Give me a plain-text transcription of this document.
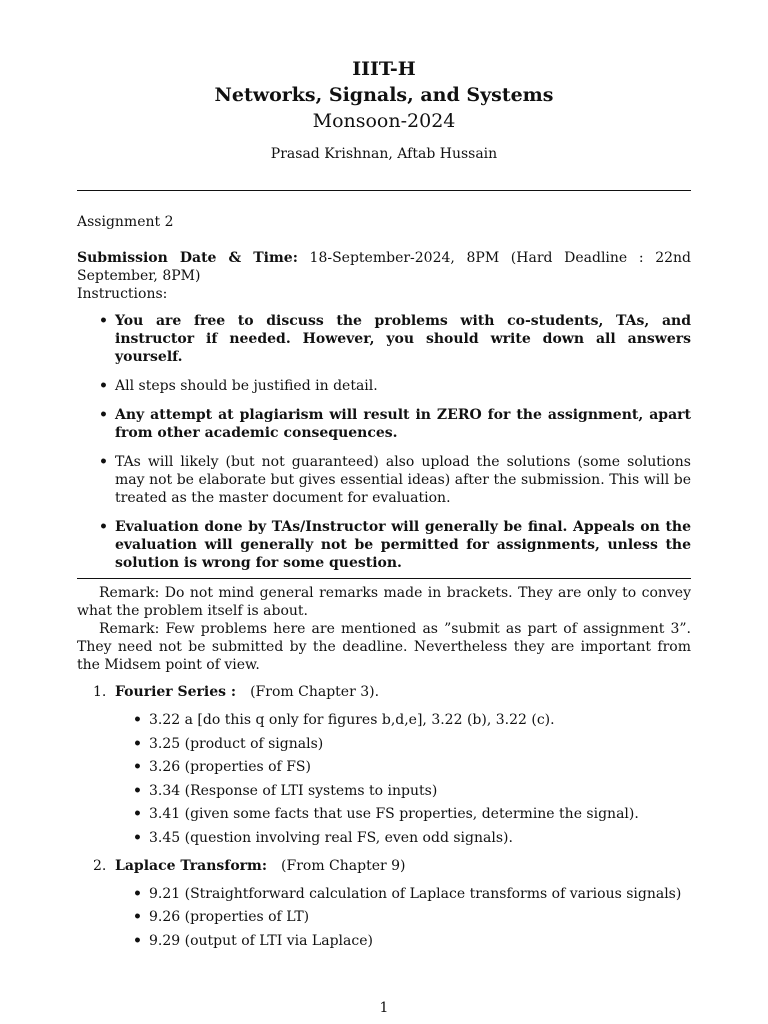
IIIT-H
Networks, Signals, and Systems
Monsoon-2024
Prasad Krishnan, Aftab Hussain
Assignment 2
Submission Date & Time: 18-September-2024, 8PM (Hard Deadline : 22nd September, 8PM)
Instructions:
• You are free to discuss the problems with co-students, TAs, and instructor if needed. However, you should write down all answers yourself.
• All steps should be justified in detail.
• Any attempt at plagiarism will result in ZERO for the assignment, apart from other academic consequences.
• TAs will likely (but not guaranteed) also upload the solutions (some solutions may not be elaborate but gives essential ideas) after the submission. This will be treated as the master document for evaluation.
• Evaluation done by TAs/Instructor will generally be final. Appeals on the evaluation will generally not be permitted for assignments, unless the solution is wrong for some question.

Remark: Do not mind general remarks made in brackets. They are only to convey what the problem itself is about.

Remark: Few problems here are mentioned as ”submit as part of assignment 3”. They need not be submitted by the deadline. Nevertheless they are important from the Midsem point of view.

1. Fourier Series :  (From Chapter 3).
• 3.22 a [do this q only for figures b,d,e], 3.22 (b), 3.22 (c).
• 3.25 (product of signals)
• 3.26 (properties of FS)
• 3.34 (Response of LTI systems to inputs)
• 3.41 (given some facts that use FS properties, determine the signal).
• 3.45 (question involving real FS, even odd signals).
2. Laplace Transform:  (From Chapter 9)
• 9.21 (Straightforward calculation of Laplace transforms of various signals)
• 9.26 (properties of LT)
• 9.29 (output of LTI via Laplace)
1
